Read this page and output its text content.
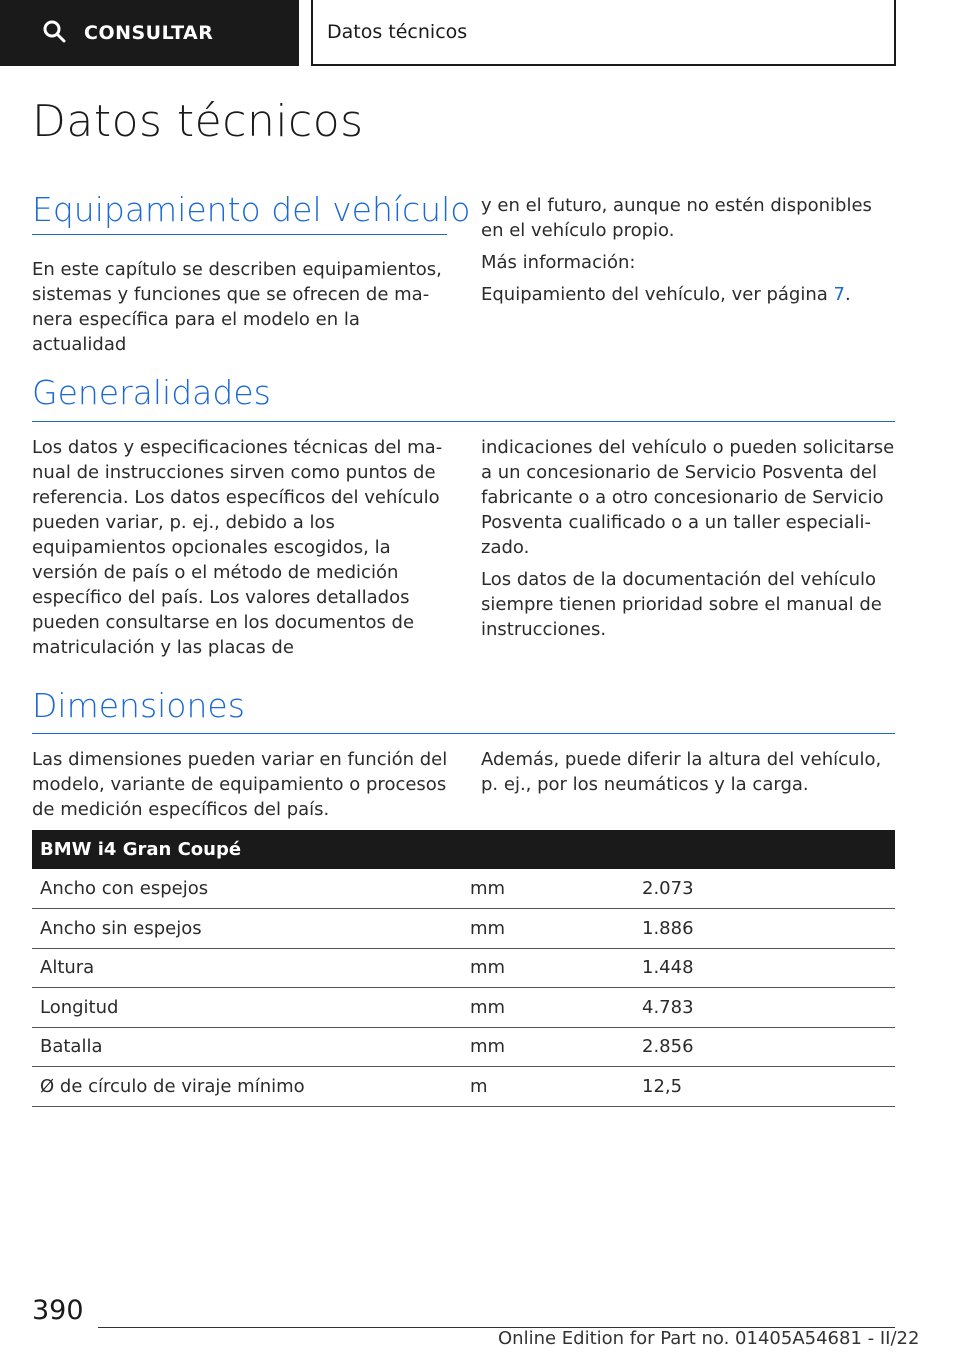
CONSULTAR	Datos técnicos
Datos técnicos
Equipamiento del vehículo

En este capítulo se describen equipamientos, sistemas y funciones que se ofrecen de manera específica para el modelo en la actualidad

y en el futuro, aunque no estén disponibles en el vehículo propio.

Más información:

Equipamiento del vehículo, ver página 7.

Generalidades

Los datos y especificaciones técnicas del manual de instrucciones sirven como puntos de referencia. Los datos específicos del vehículo pueden variar, p. ej., debido a los equipamientos opcionales escogidos, la versión de país o el método de medición específico del país. Los valores detallados pueden consultarse en los documentos de matriculación y las placas de

indicaciones del vehículo o pueden solicitarse a un concesionario de Servicio Posventa del fabricante o a otro concesionario de Servicio Posventa cualificado o a un taller especializado.

Los datos de la documentación del vehículo siempre tienen prioridad sobre el manual de instrucciones.

Dimensiones

Las dimensiones pueden variar en función del modelo, variante de equipamiento o procesos de medición específicos del país.

Además, puede diferir la altura del vehículo, p. ej., por los neumáticos y la carga.

BMW i4 Gran Coupé		
Ancho con espejos	mm	2.073
Ancho sin espejos	mm	1.886
Altura	mm	1.448
Longitud	mm	4.783
Batalla	mm	2.856
Ø de círculo de viraje mínimo	m	12,5
390
Online Edition for Part no. 01405A54681 - II/22
